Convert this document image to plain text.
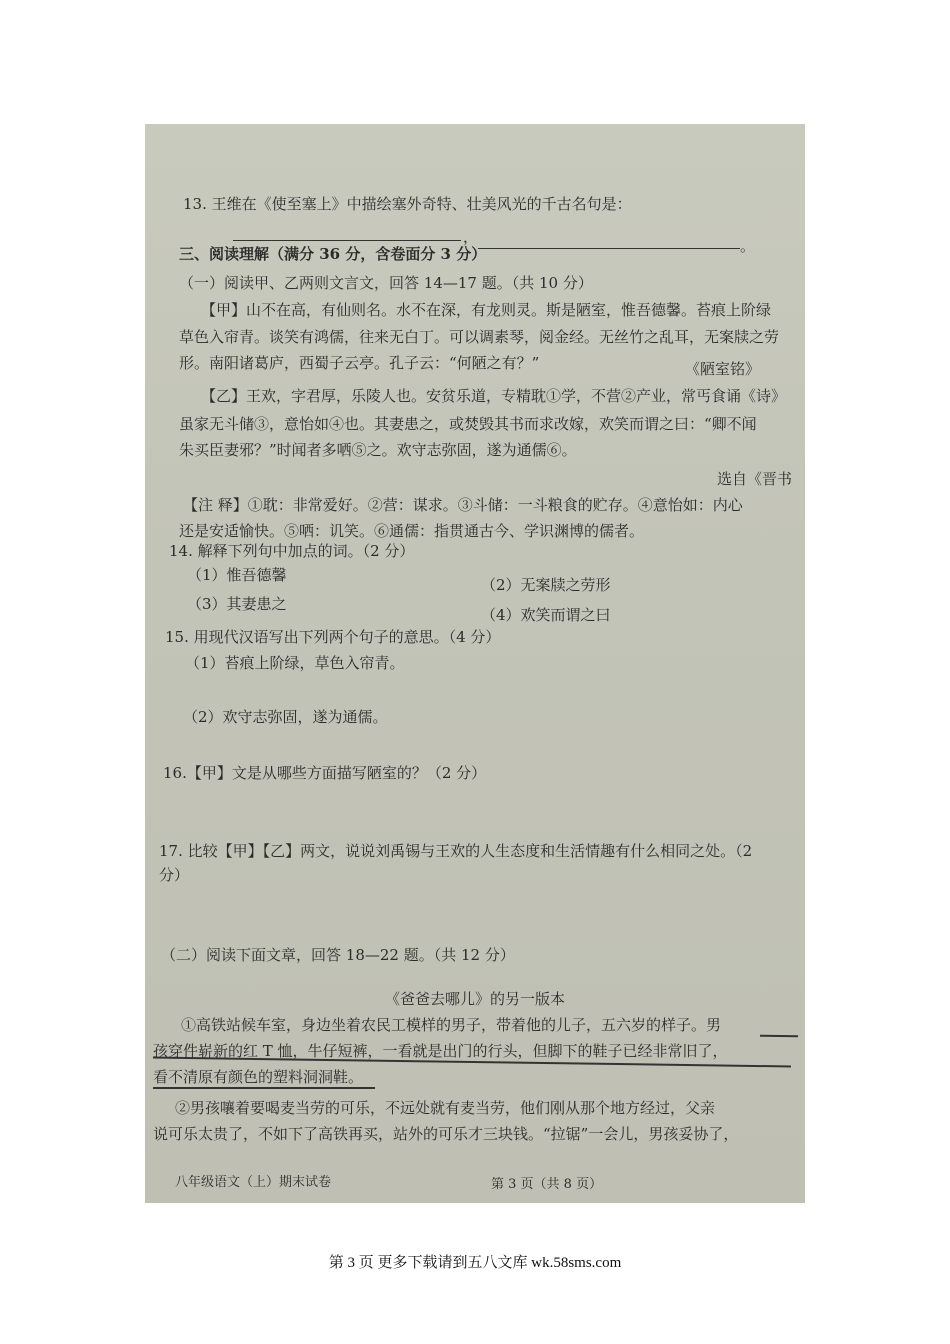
13. 王维在《使至塞上》中描绘塞外奇特、壮美风光的千古名句是：
，	。
三、阅读理解（满分 36 分，含卷面分 3 分）
（一）阅读甲、乙两则文言文，回答 14—17 题。（共 10 分）
【甲】山不在高，有仙则名。水不在深，有龙则灵。斯是陋室，惟吾德馨。苔痕上阶绿
草色入帘青。谈笑有鸿儒，往来无白丁。可以调素琴，阅金经。无丝竹之乱耳，无案牍之劳
形。南阳诸葛庐，西蜀子云亭。孔子云：“何陋之有？”	《陋室铭》
【乙】王欢，字君厚，乐陵人也。安贫乐道，专精耽①学，不营②产业，常丐食诵《诗》
虽家无斗储③，意怡如④也。其妻患之，或焚毁其书而求改嫁，欢笑而谓之曰：“卿不闻
朱买臣妻邪？”时闻者多哂⑤之。欢守志弥固，遂为通儒⑥。
选自《晋书
【注 释】①耽：非常爱好。②营：谋求。③斗储：一斗粮食的贮存。④意怡如：内心
还是安适愉快。⑤哂：讥笑。⑥通儒：指贯通古今、学识渊博的儒者。
14. 解释下列句中加点的词。（2 分）
（1）惟吾德馨
（2）无案牍之劳形
（3）其妻患之
（4）欢笑而谓之曰
15. 用现代汉语写出下列两个句子的意思。（4 分）
（1）苔痕上阶绿，草色入帘青。
（2）欢守志弥固，遂为通儒。
16.【甲】文是从哪些方面描写陋室的？（2 分）
17. 比较【甲】【乙】两文，说说刘禹锡与王欢的人生态度和生活情趣有什么相同之处。（2
分）
（二）阅读下面文章，回答 18—22 题。（共 12 分）
《爸爸去哪儿》的另一版本
①高铁站候车室，身边坐着农民工模样的男子，带着他的儿子，五六岁的样子。男
孩穿件崭新的红 T 恤，牛仔短裤，一看就是出门的行头，但脚下的鞋子已经非常旧了，
看不清原有颜色的塑料洞洞鞋。
②男孩嚷着要喝麦当劳的可乐，不远处就有麦当劳，他们刚从那个地方经过，父亲
说可乐太贵了，不如下了高铁再买，站外的可乐才三块钱。“拉锯”一会儿，男孩妥协了，
八年级语文（上）期末试卷	第 3 页（共 8 页）
第 3 页 更多下载请到五八文库 wk.58sms.com
